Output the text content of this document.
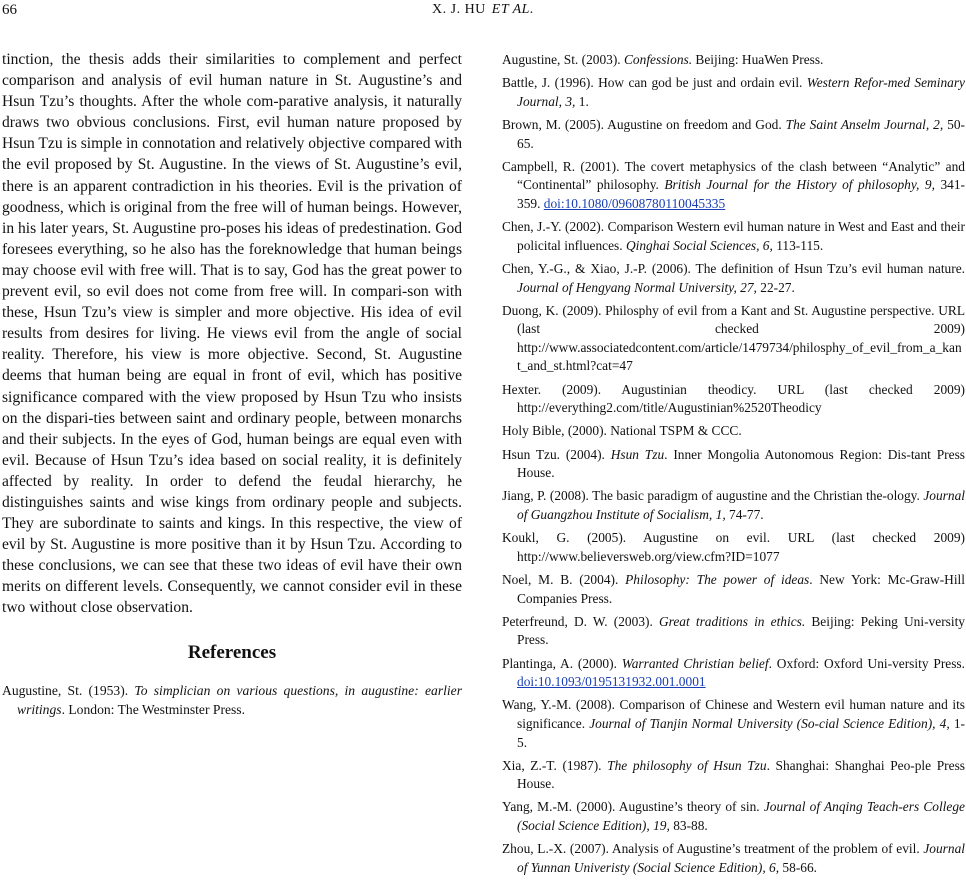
66	X. J. HU ET AL.

tinction, the thesis adds their similarities to complement and perfect comparison and analysis of evil human nature in St. Augustine’s and Hsun Tzu’s thoughts. After the whole com-parative analysis, it naturally draws two obvious conclusions. First, evil human nature proposed by Hsun Tzu is simple in connotation and relatively objective compared with the evil proposed by St. Augustine. In the views of St. Augustine’s evil, there is an apparent contradiction in his theories. Evil is the privation of goodness, which is original from the free will of human beings. However, in his later years, St. Augustine pro-poses his ideas of predestination. God foresees everything, so he also has the foreknowledge that human beings may choose evil with free will. That is to say, God has the great power to prevent evil, so evil does not come from free will. In compari-son with these, Hsun Tzu’s view is simpler and more objective. His idea of evil results from desires for living. He views evil from the angle of social reality. Therefore, his view is more objective. Second, St. Augustine deems that human being are equal in front of evil, which has positive significance compared with the view proposed by Hsun Tzu who insists on the dispari-ties between saint and ordinary people, between monarchs and their subjects. In the eyes of God, human beings are equal even with evil. Because of Hsun Tzu’s idea based on social reality, it is definitely affected by reality. In order to defend the feudal hierarchy, he distinguishes saints and wise kings from ordinary people and subjects. They are subordinate to saints and kings. In this respective, the view of evil by St. Augustine is more positive than it by Hsun Tzu. According to these conclusions, we can see that these two ideas of evil have their own merits on different levels. Consequently, we cannot consider evil in these two without close observation.

References

Augustine, St. (1953). To simplician on various questions, in augustine: earlier writings. London: The Westminster Press.

Augustine, St. (2003). Confessions. Beijing: HuaWen Press.

Battle, J. (1996). How can god be just and ordain evil. Western Refor-med Seminary Journal, 3, 1.

Brown, M. (2005). Augustine on freedom and God. The Saint Anselm Journal, 2, 50-65.

Campbell, R. (2001). The covert metaphysics of the clash between “Analytic” and “Continental” philosophy. British Journal for the History of philosophy, 9, 341-359. doi:10.1080/09608780110045335

Chen, J.-Y. (2002). Comparison Western evil human nature in West and East and their policital influences. Qinghai Social Sciences, 6, 113-115.

Chen, Y.-G., & Xiao, J.-P. (2006). The definition of Hsun Tzu’s evil human nature. Journal of Hengyang Normal University, 27, 22-27.

Duong, K. (2009). Philosphy of evil from a Kant and St. Augustine perspective. URL (last checked 2009) http://www.associatedcontent.com/article/1479734/philosphy_of_evil_from_a_kant_and_st.html?cat=47

Hexter. (2009). Augustinian theodicy. URL (last checked 2009) http://everything2.com/title/Augustinian%2520Theodicy

Holy Bible, (2000). National TSPM & CCC.

Hsun Tzu. (2004). Hsun Tzu. Inner Mongolia Autonomous Region: Dis-tant Press House.

Jiang, P. (2008). The basic paradigm of augustine and the Christian the-ology. Journal of Guangzhou Institute of Socialism, 1, 74-77.

Koukl, G. (2005). Augustine on evil. URL (last checked 2009) http://www.believersweb.org/view.cfm?ID=1077

Noel, M. B. (2004). Philosophy: The power of ideas. New York: Mc-Graw-Hill Companies Press.

Peterfreund, D. W. (2003). Great traditions in ethics. Beijing: Peking Uni-versity Press.

Plantinga, A. (2000). Warranted Christian belief. Oxford: Oxford Uni-versity Press. doi:10.1093/0195131932.001.0001

Wang, Y.-M. (2008). Comparison of Chinese and Western evil human nature and its significance. Journal of Tianjin Normal University (So-cial Science Edition), 4, 1-5.

Xia, Z.-T. (1987). The philosophy of Hsun Tzu. Shanghai: Shanghai Peo-ple Press House.

Yang, M.-M. (2000). Augustine’s theory of sin. Journal of Anqing Teach-ers College (Social Science Edition), 19, 83-88.

Zhou, L.-X. (2007). Analysis of Augustine’s treatment of the problem of evil. Journal of Yunnan Univeristy (Social Science Edition), 6, 58-66.
